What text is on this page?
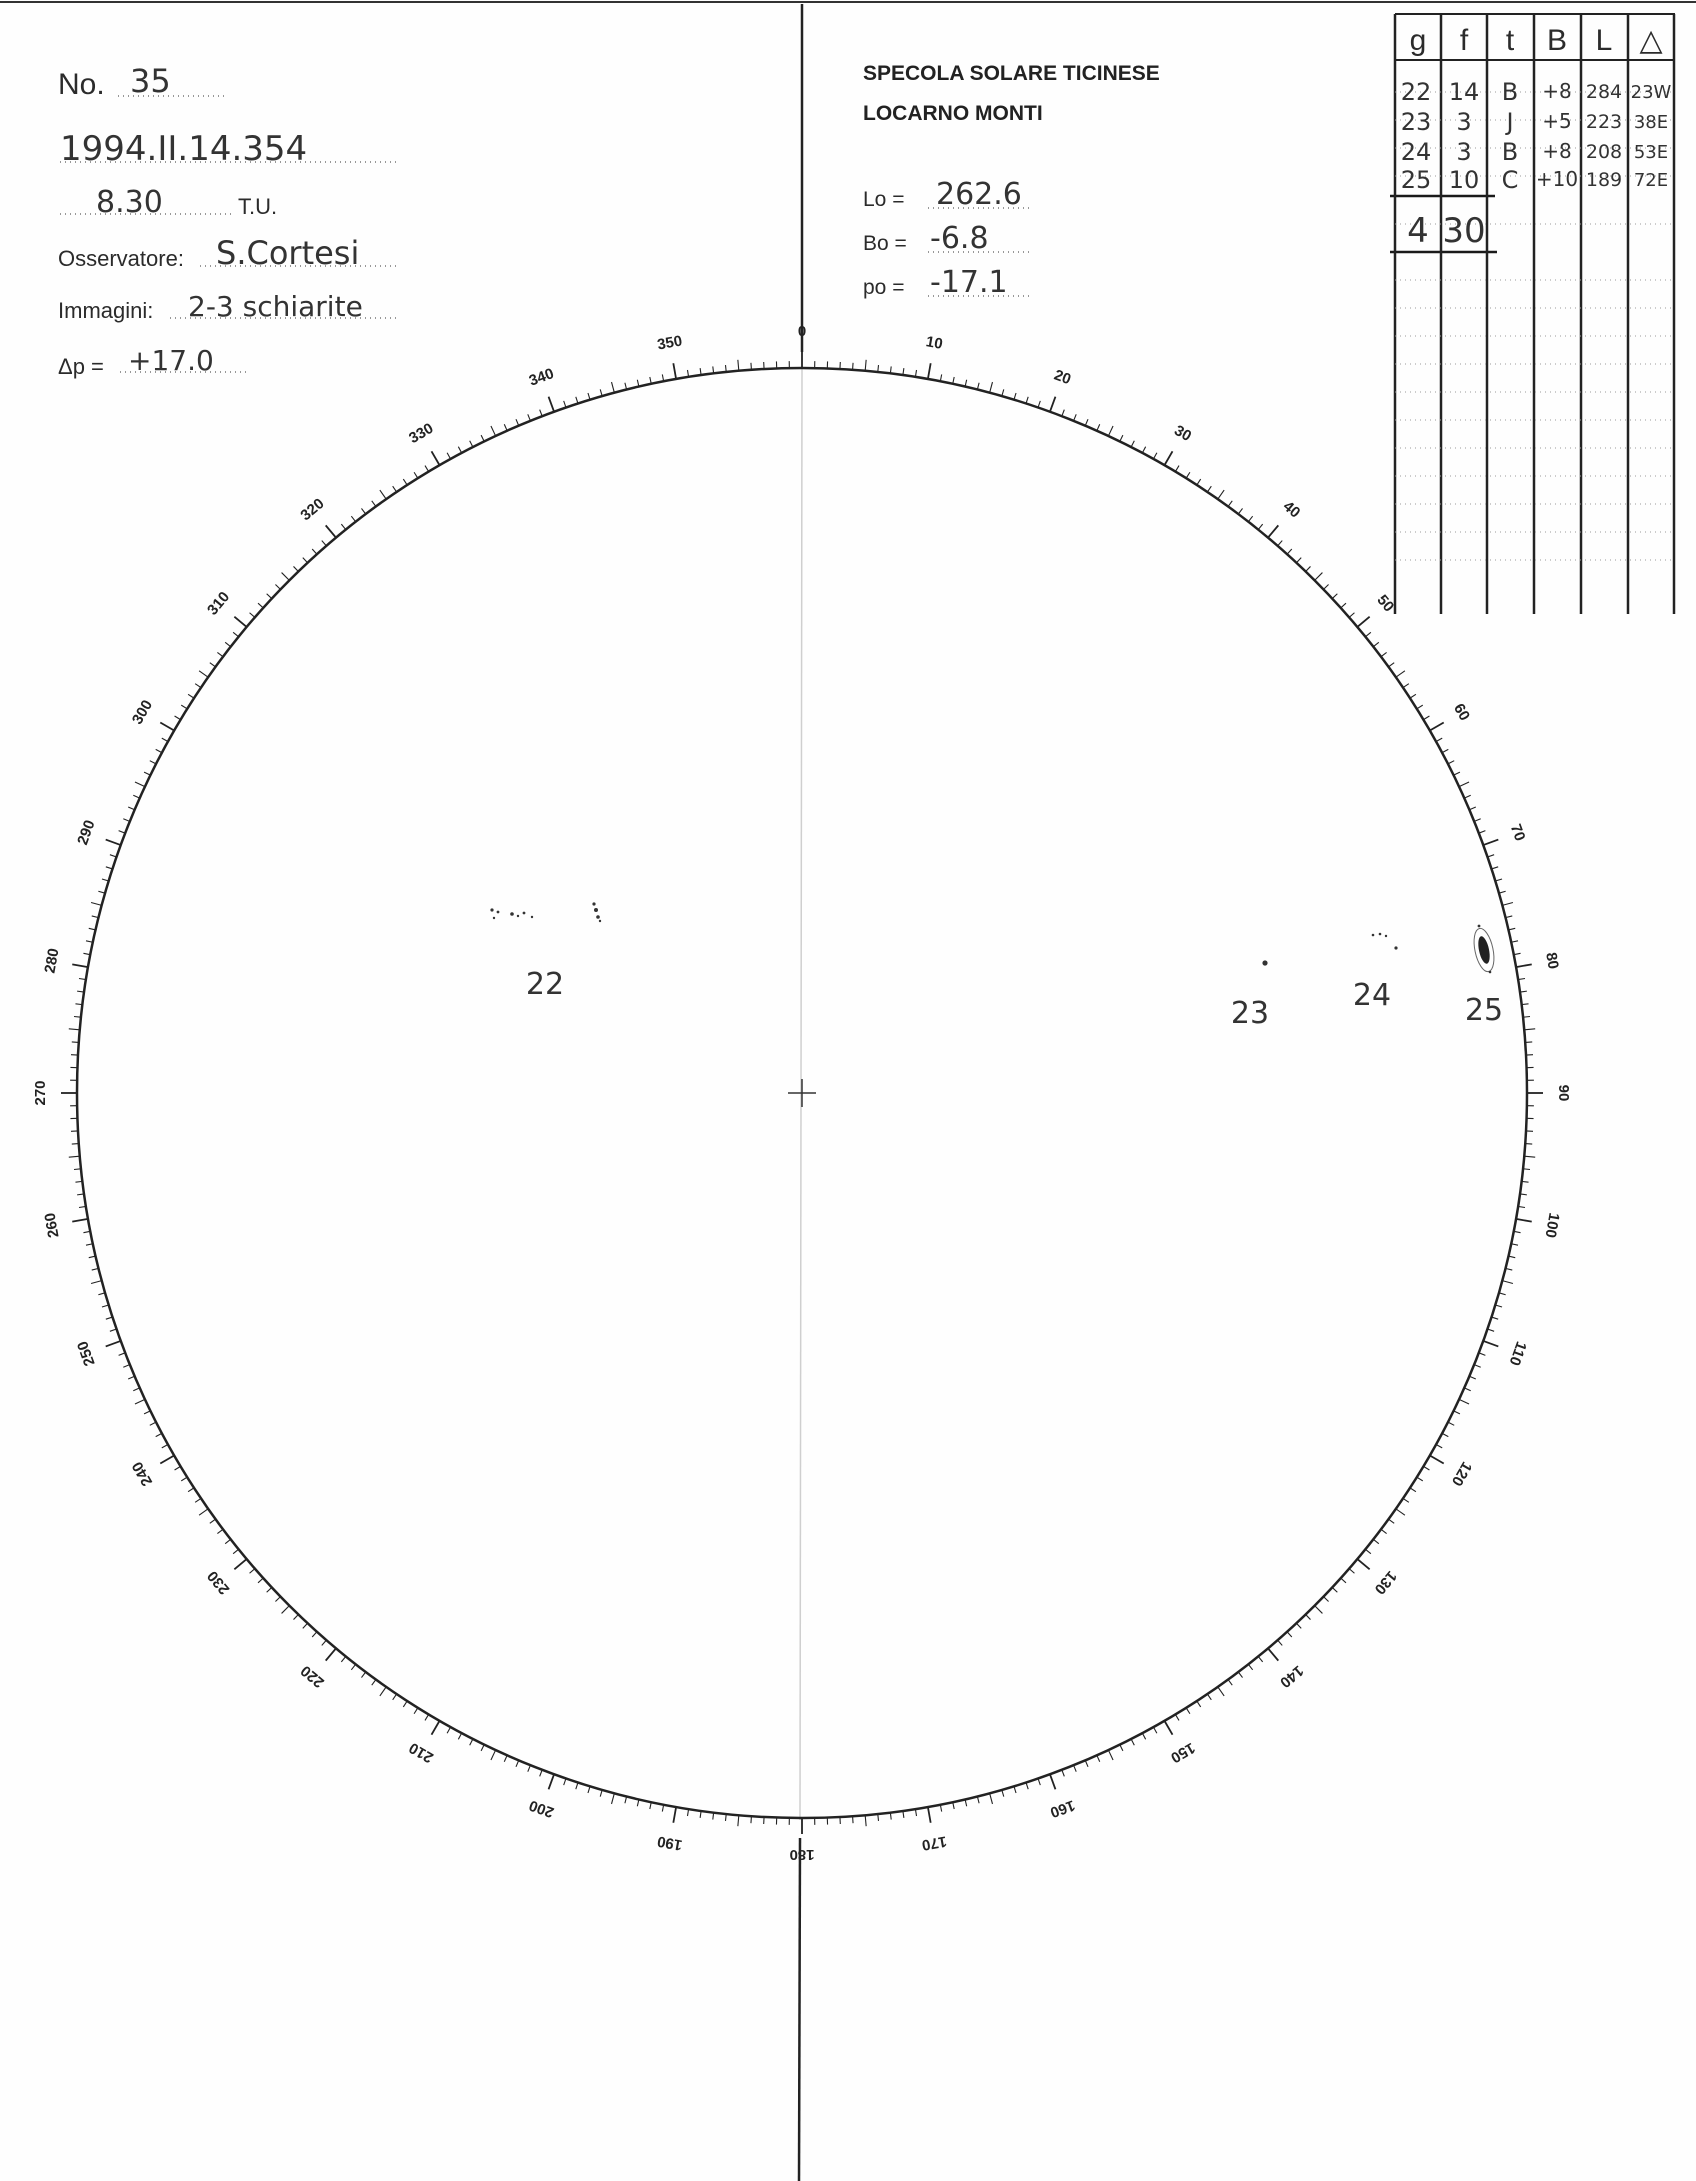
No. 35
1994.II.14.354
8.30	T.U.
Osservatore: S.Cortesi
Immagini: 2-3 schiarite
Δp = +17.0
SPECOLA SOLARE TICINESE
LOCARNO MONTI
Lo = 262.6
Bo = -6.8
po = -17.1
g f t B L △
22 14 B +8 284 23W
23 3 J +5 223 38E
24 3 B +8 208 53E
25 10 C +10 189 72E
4 30
0
10
20
30
40
50
60
70
80
90
100
110
120
130
140
150
160
170
180
190
200
210
220
230
240
250
260
270
280
290
300
310
320
330
340
350
22
23
24 25
